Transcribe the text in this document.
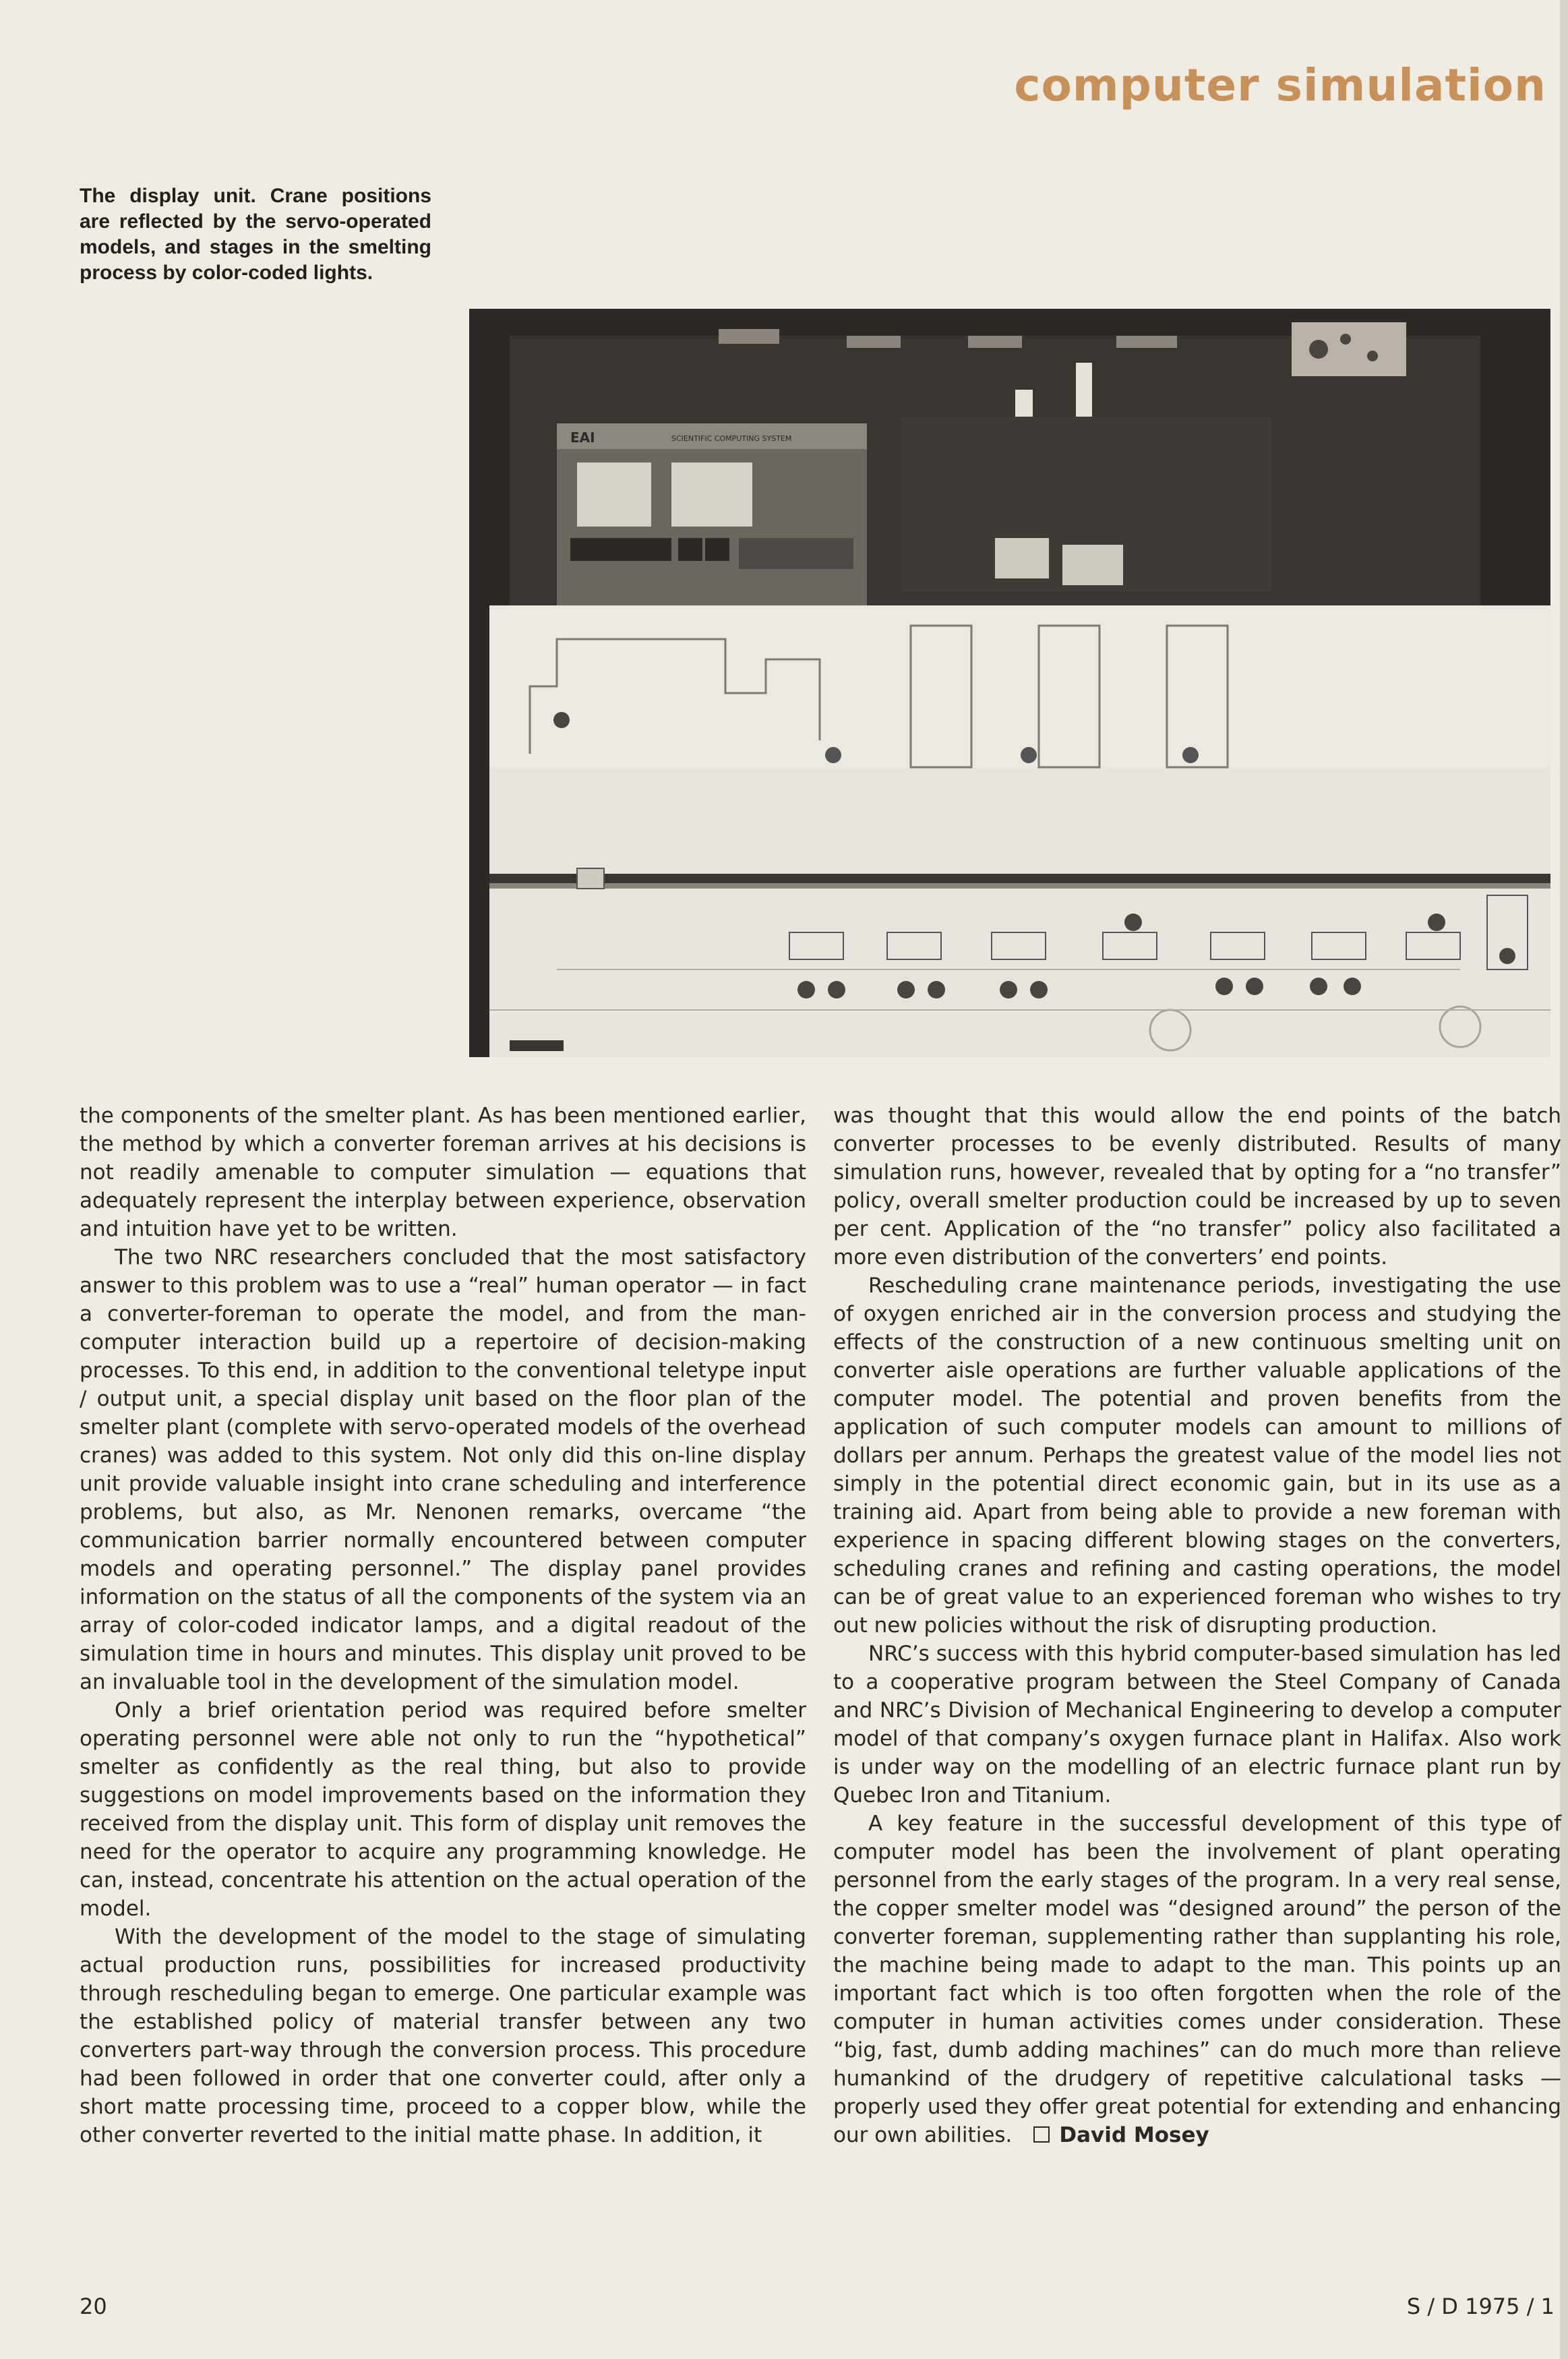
computer simulation
The display unit. Crane positions are reflected by the servo-operated models, and stages in the smelting process by color-coded lights.
EAI	SCIENTIFIC COMPUTING SYSTEM

the components of the smelter plant. As has been mentioned earlier, the method by which a converter foreman arrives at his decisions is not readily amenable to computer simulation — equations that adequately represent the interplay between experience, observation and intuition have yet to be written.

The two NRC researchers concluded that the most satisfactory answer to this problem was to use a “real” human operator — in fact a converter-foreman to operate the model, and from the man-computer interaction build up a repertoire of decision-making processes. To this end, in addition to the conventional teletype input / output unit, a special display unit based on the floor plan of the smelter plant (complete with servo-operated models of the overhead cranes) was added to this system. Not only did this on-line display unit provide valuable insight into crane scheduling and interference problems, but also, as Mr. Nenonen remarks, overcame “the communication barrier normally encountered between computer models and operating personnel.” The display panel provides information on the status of all the components of the system via an array of color-coded indicator lamps, and a digital readout of the simulation time in hours and minutes. This display unit proved to be an invaluable tool in the development of the simulation model.

Only a brief orientation period was required before smelter operating personnel were able not only to run the “hypothetical” smelter as confidently as the real thing, but also to provide suggestions on model improvements based on the information they received from the display unit. This form of display unit removes the need for the operator to acquire any programming knowledge. He can, instead, concentrate his attention on the actual operation of the model.

With the development of the model to the stage of simulating actual production runs, possibilities for increased productivity through rescheduling began to emerge. One particular example was the established policy of material transfer between any two converters part-way through the conversion process. This procedure had been followed in order that one converter could, after only a short matte processing time, proceed to a copper blow, while the other converter reverted to the initial matte phase. In addition, it

was thought that this would allow the end points of the batch converter processes to be evenly distributed. Results of many simulation runs, however, revealed that by opting for a “no transfer” policy, overall smelter production could be increased by up to seven per cent. Application of the “no transfer” policy also facilitated a more even distribution of the converters’ end points.

Rescheduling crane maintenance periods, investigating the use of oxygen enriched air in the conversion process and studying the effects of the construction of a new continuous smelting unit on converter aisle operations are further valuable applications of the computer model. The potential and proven benefits from the application of such computer models can amount to millions of dollars per annum. Perhaps the greatest value of the model lies not simply in the potential direct economic gain, but in its use as a training aid. Apart from being able to provide a new foreman with experience in spacing different blowing stages on the converters, scheduling cranes and refining and casting operations, the model can be of great value to an experienced foreman who wishes to try out new policies without the risk of disrupting production.

NRC’s success with this hybrid computer-based simulation has led to a cooperative program between the Steel Company of Canada and NRC’s Division of Mechanical Engineering to develop a computer model of that company’s oxygen furnace plant in Halifax. Also work is under way on the modelling of an electric furnace plant run by Quebec Iron and Titanium.

A key feature in the successful development of this type of computer model has been the involvement of plant operating personnel from the early stages of the program. In a very real sense, the copper smelter model was “designed around” the person of the converter foreman, supplementing rather than supplanting his role, the machine being made to adapt to the man. This points up an important fact which is too often forgotten when the role of the computer in human activities comes under consideration. These “big, fast, dumb adding machines” can do much more than relieve humankind of the drudgery of repetitive calculational tasks — properly used they offer great potential for extending and enhancing our own abilities. David Mosey

20	S / D 1975 / 1
